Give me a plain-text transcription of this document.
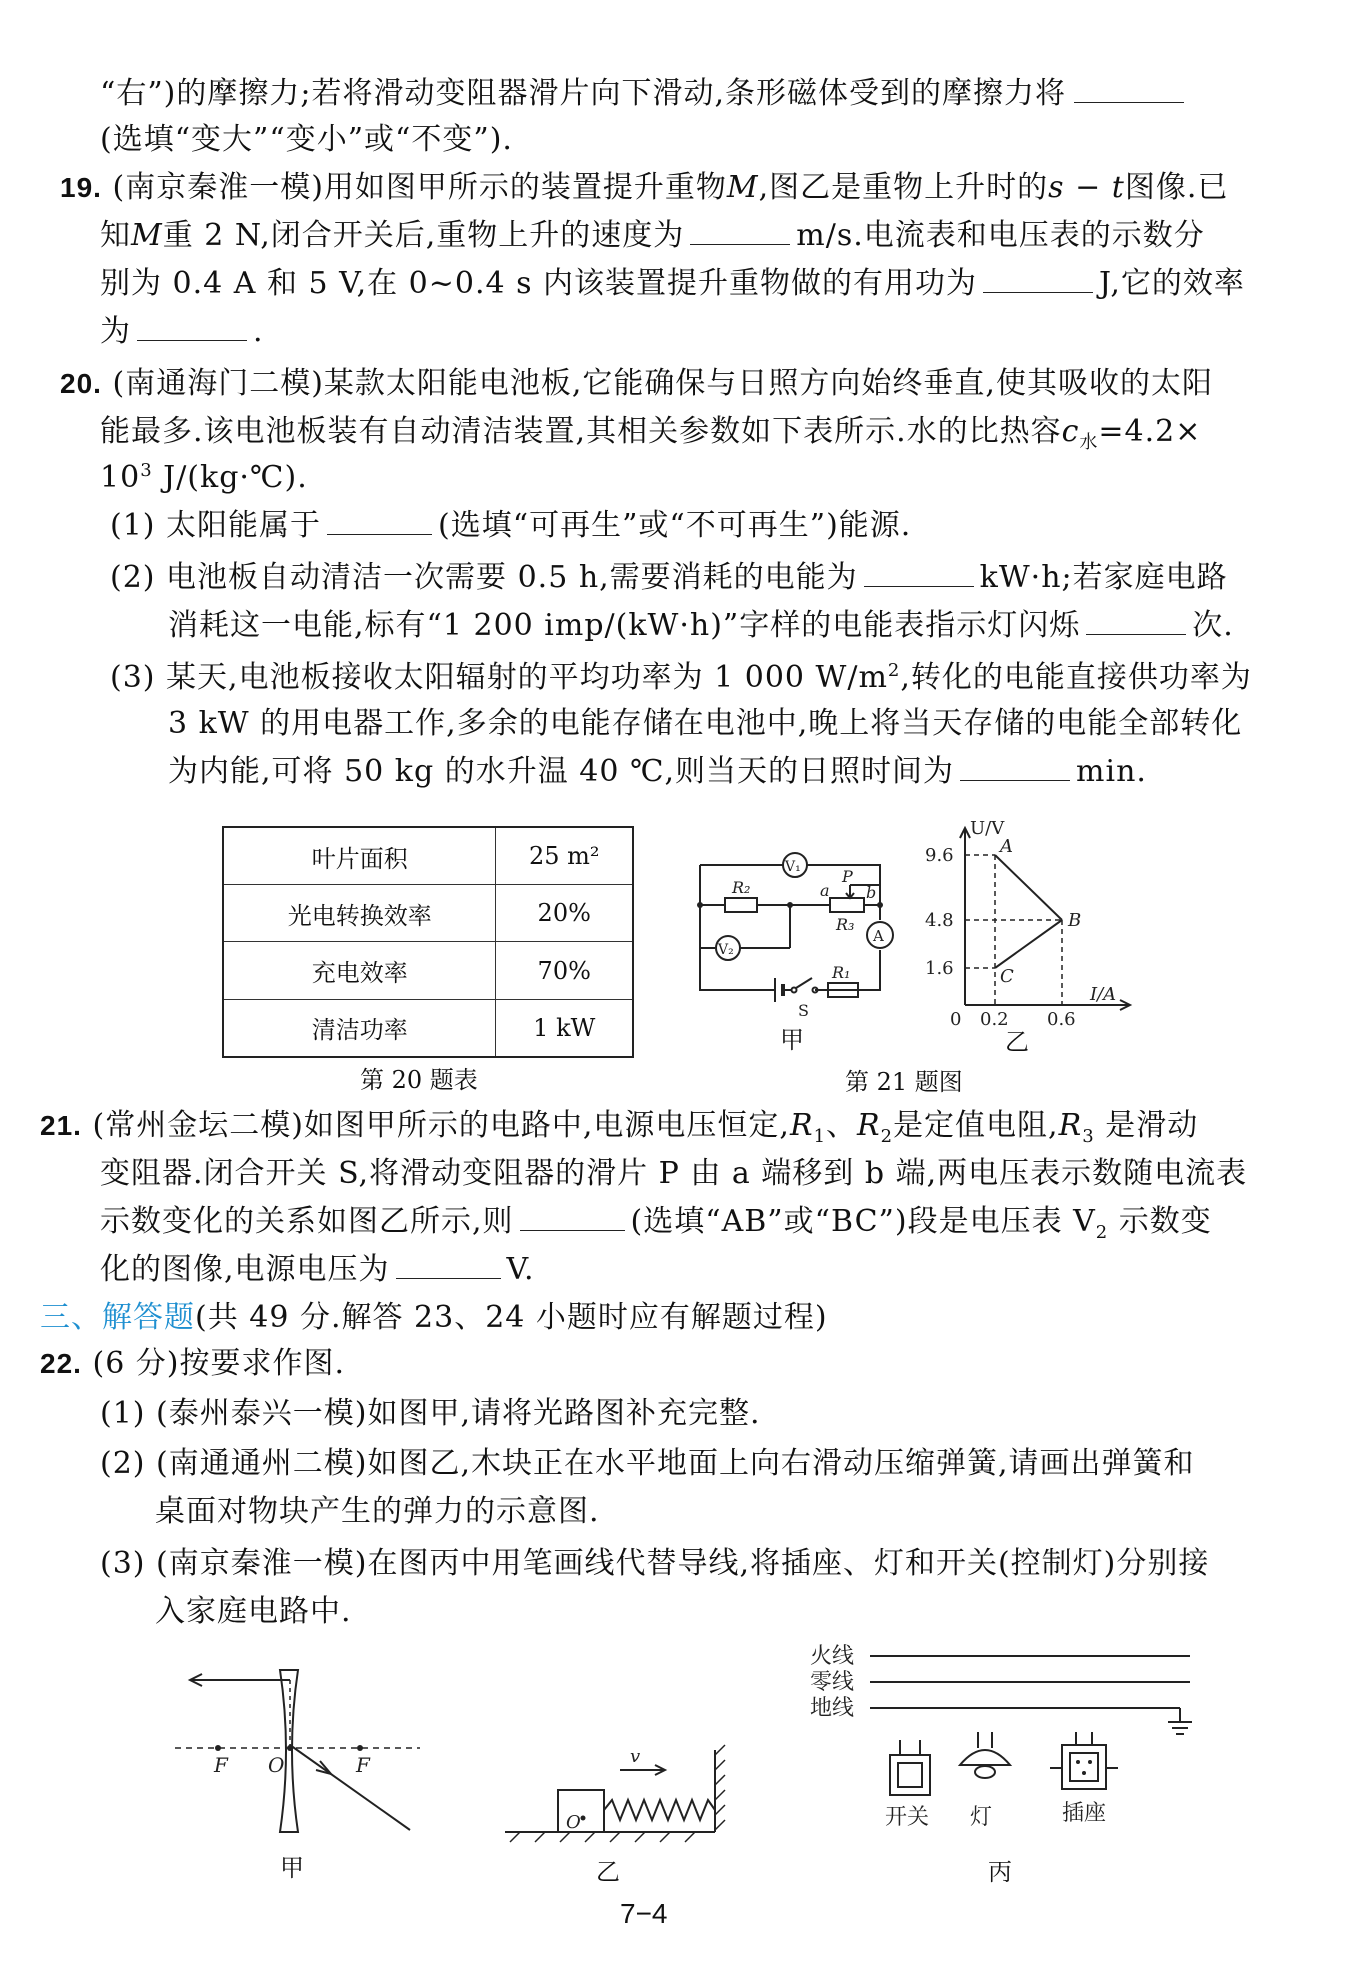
“右”)的摩擦力;若将滑动变阻器滑片向下滑动,条形磁体受到的摩擦力将
(选填“变大”“变小”或“不变”).
19. (南京秦淮一模)用如图甲所示的装置提升重物M,图乙是重物上升时的s − t图像.已
知M重 2 N,闭合开关后,重物上升的速度为	m/s.电流表和电压表的示数分
别为 0.4 A 和 5 V,在 0~0.4 s 内该装置提升重物做的有用功为	J,它的效率
为	.
20. (南通海门二模)某款太阳能电池板,它能确保与日照方向始终垂直,使其吸收的太阳
能最多.该电池板装有自动清洁装置,其相关参数如下表所示.水的比热容$c_水=4.2\times$
$10^3$ J/(kg·℃).
(1) 太阳能属于	(选填“可再生”或“不可再生”)能源.
(2) 电池板自动清洁一次需要 0.5 h,需要消耗的电能为	kW·h;若家庭电路
消耗这一电能,标有“1 200 imp/(kW·h)”字样的电能表指示灯闪烁	次.
(3) 某天,电池板接收太阳辐射的平均功率为 1 000 $W/m^2$,转化的电能直接供功率为
3 kW 的用电器工作,多余的电能存储在电池中,晚上将当天存储的电能全部转化
为内能,可将 50 kg 的水升温 40 ℃,则当天的日照时间为	min.
叶片面积	25 m²
光电转换效率	20%
充电效率	70%
清洁功率	1 kW
第 20 题表
R₂
R₃
R₁
V₁
V₂
A
S
a b
P
甲
U/V
I/A
9.6
4.8
1.6
0 0.2 0.6
A
B
C
乙
第 21 题图
21. (常州金坛二模)如图甲所示的电路中,电源电压恒定$,R_1$、$R_2$是定值电阻$,R_3$ 是滑动
变阻器.闭合开关 S,将滑动变阻器的滑片 P 由 a 端移到 b 端,两电压表示数随电流表
示数变化的关系如图乙所示,则	(选填“AB”或“BC”)段是电压表 $V_2$ 示数变
化的图像,电源电压为	V.
三、解答题(共 49 分.解答 23、24 小题时应有解题过程)
22. (6 分)按要求作图.
(1) (泰州泰兴一模)如图甲,请将光路图补充完整.
(2) (南通通州二模)如图乙,木块正在水平地面上向右滑动压缩弹簧,请画出弹簧和
桌面对物块产生的弹力的示意图.
(3) (南京秦淮一模)在图丙中用笔画线代替导线,将插座、灯和开关(控制灯)分别接
入家庭电路中.
F O	F
甲
v
O
乙
火线
零线
地线
开关 灯	插座
丙
7−4
